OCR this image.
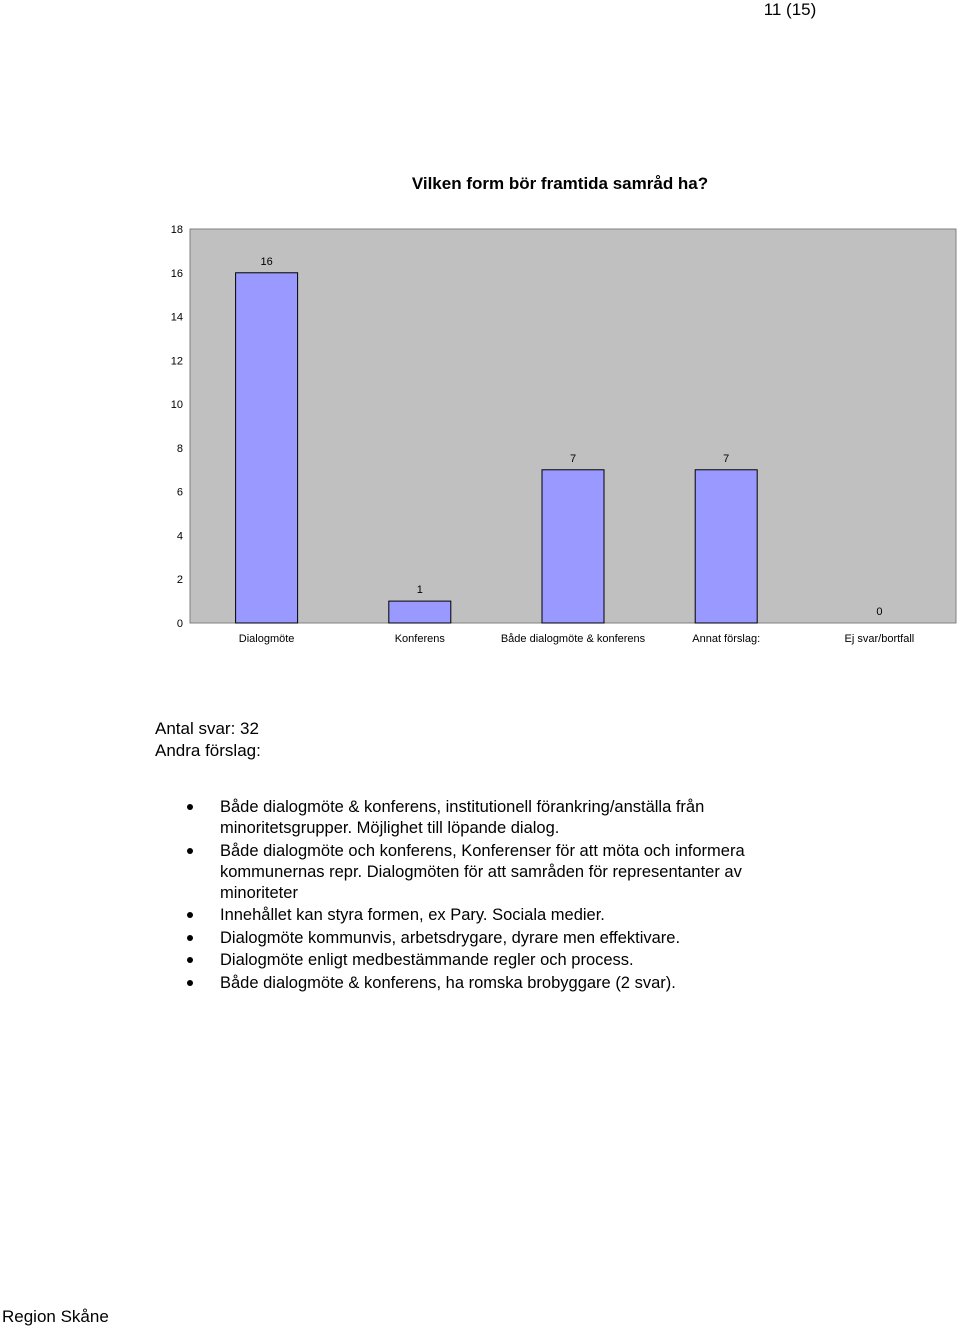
11 (15)
Vilken form bör framtida samråd ha?
0
2
4
6
8
10
12
14
16
18
16
1
7	7
0
Dialogmöte	Konferens	Både dialogmöte & konferens	Annat förslag:	Ej svar/bortfall
Antal svar: 32
Andra förslag:
Både dialogmöte & konferens, institutionell förankring/anställa från minoritetsgrupper. Möjlighet till löpande dialog.
Både dialogmöte och konferens, Konferenser för att möta och informera kommunernas repr. Dialogmöten för att samråden för representanter av minoriteter
Innehållet kan styra formen, ex Pary. Sociala medier.
Dialogmöte kommunvis, arbetsdrygare, dyrare men effektivare.
Dialogmöte enligt medbestämmande regler och process.
Både dialogmöte & konferens, ha romska brobyggare (2 svar).
Region Skåne
